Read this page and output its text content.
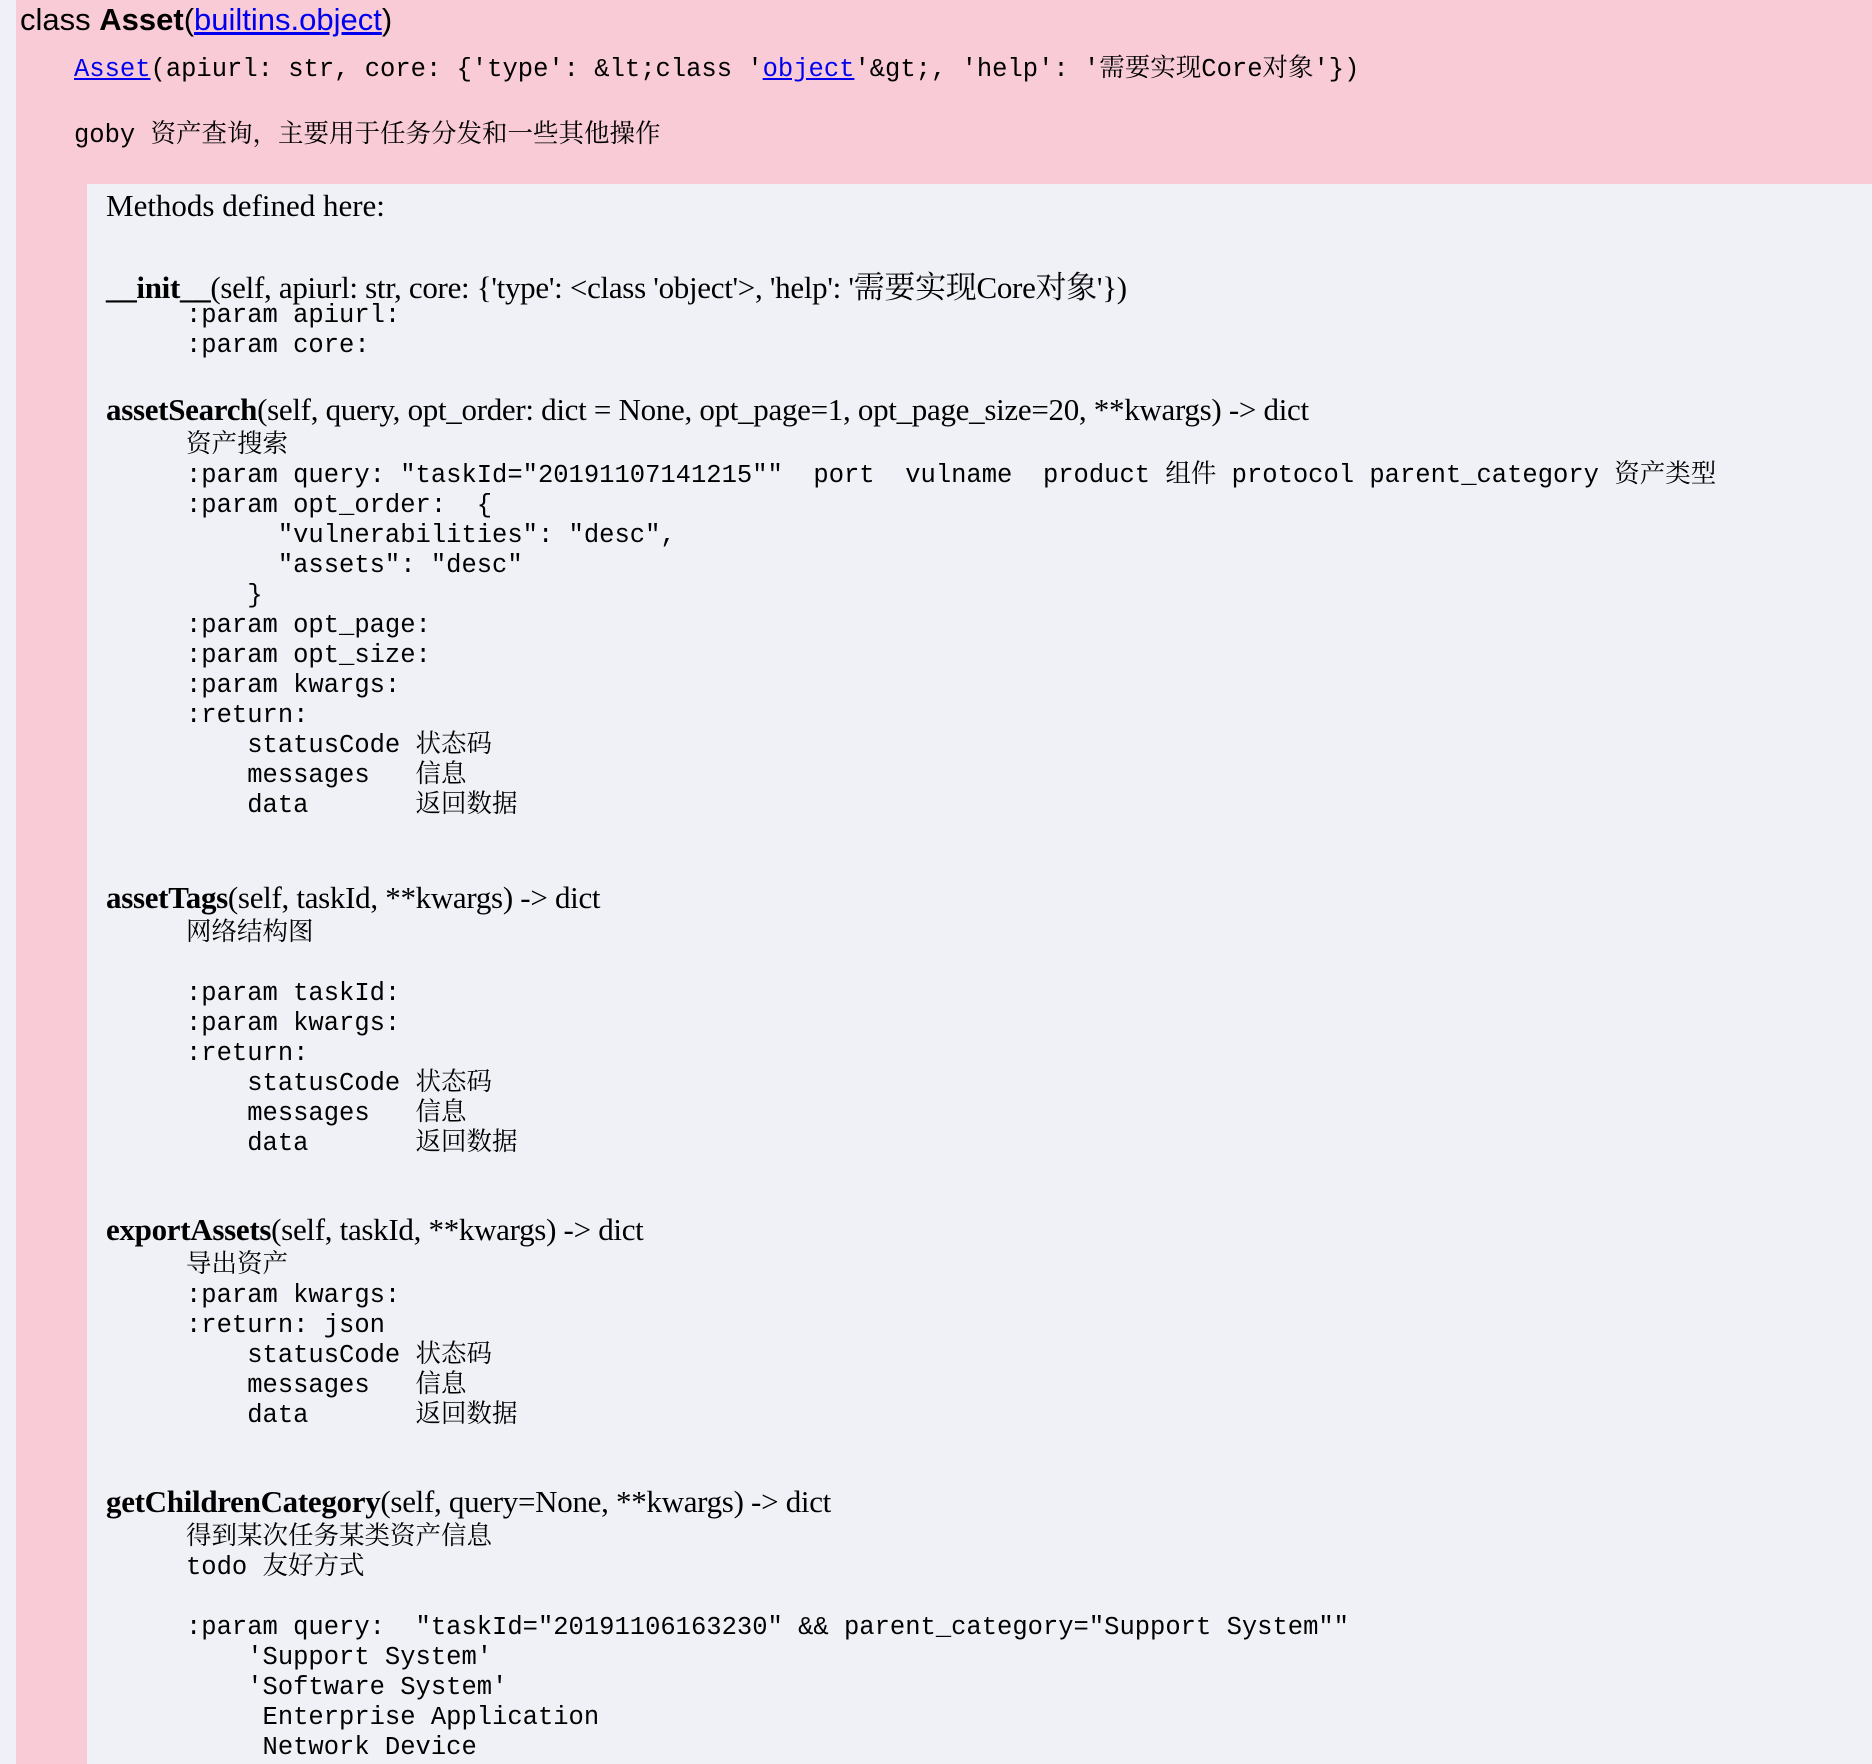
class Asset(builtins.object)
Asset(apiurl: str, core: {'type': &lt;class 'object'&gt;, 'help': '需要实现Core对象'})
goby 资产查询，主要用于任务分发和一些其他操作
Methods defined here:
__init__(self, apiurl: str, core: {'type': <class 'object'>, 'help': '需要实现Core对象'})
:param apiurl:
:param core:
assetSearch(self, query, opt_order: dict = None, opt_page=1, opt_page_size=20, **kwargs) -> dict
资产搜索
:param query: "taskId="20191107141215""  port  vulname  product 组件 protocol parent_category 资产类型
:param opt_order:  {
"vulnerabilities": "desc",
"assets": "desc"
}
:param opt_page:
:param opt_size:
:param kwargs:
:return:
statusCode 状态码
messages   信息
data       返回数据
assetTags(self, taskId, **kwargs) -> dict
网络结构图

:param taskId:
:param kwargs:
:return:
statusCode 状态码
messages   信息
data       返回数据
exportAssets(self, taskId, **kwargs) -> dict
导出资产
:param kwargs:
:return: json
statusCode 状态码
messages   信息
data       返回数据
getChildrenCategory(self, query=None, **kwargs) -> dict
得到某次任务某类资产信息
todo 友好方式

:param query:  "taskId="20191106163230" && parent_category="Support System""
'Support System'
'Software System'
Enterprise Application
Network Device
